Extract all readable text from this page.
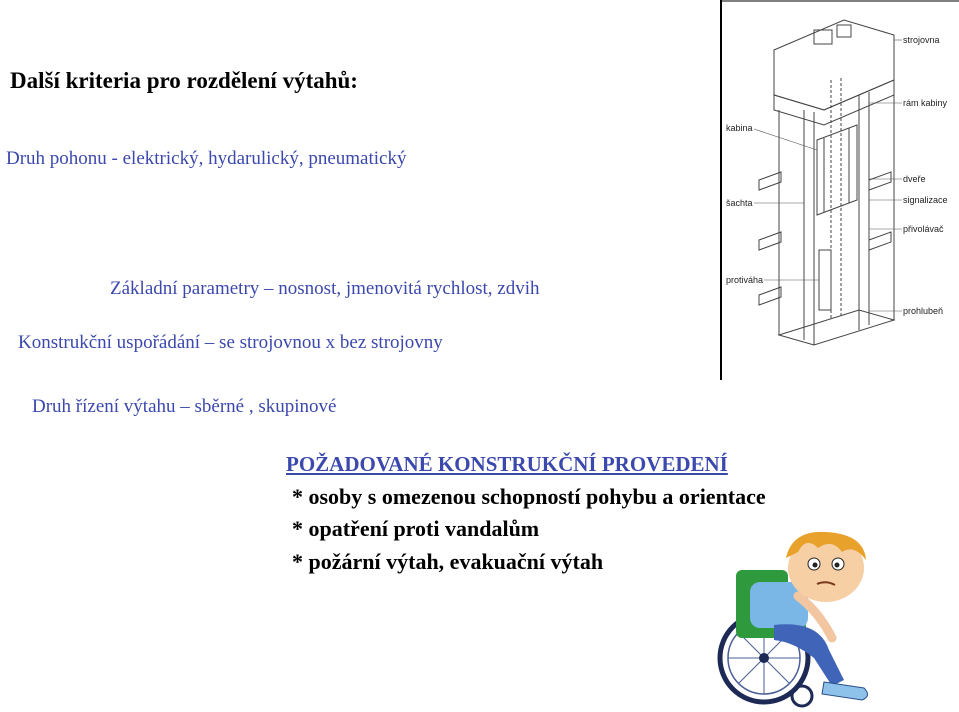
Další kriteria pro rozdělení výtahů:
Druh pohonu - elektrický, hydarulický, pneumatický
Základní parametry – nosnost, jmenovitá rychlost, zdvih
Konstrukční uspořádání – se strojovnou x bez strojovny
Druh řízení výtahu – sběrné , skupinové
POŽADOVANÉ KONSTRUKČNÍ PROVEDENÍ
* osoby s omezenou schopností pohybu a orientace
* opatření proti vandalům
* požární výtah, evakuační výtah
strojovna
rám kabiny
kabina
dveře
šachta	signalizace
přivolávač
protiváha
prohlubeň
